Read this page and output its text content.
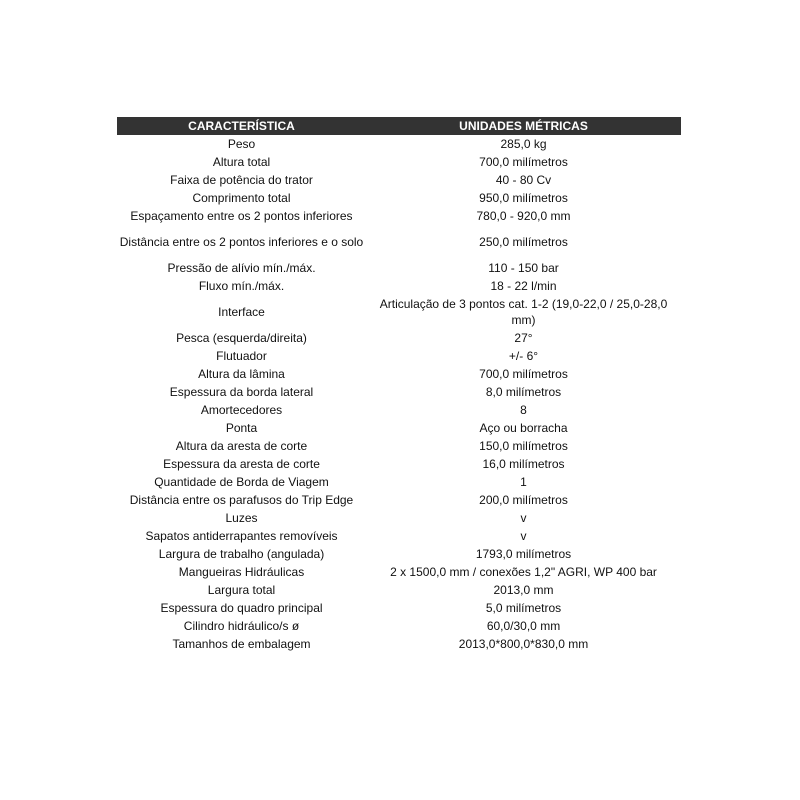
CARACTERÍSTICA	UNIDADES MÉTRICAS
Peso	285,0 kg
Altura total	700,0 milímetros
Faixa de potência do trator	40 - 80 Cv
Comprimento total	950,0 milímetros
Espaçamento entre os 2 pontos inferiores	780,0 - 920,0 mm
Distância entre os 2 pontos inferiores e o solo	250,0 milímetros
Pressão de alívio mín./máx.	110 - 150 bar
Fluxo mín./máx.	18 - 22 l/min
Interface	Articulação de 3 pontos cat. 1-2 (19,0-22,0 / 25,0-28,0 mm)
Pesca (esquerda/direita)	27°
Flutuador	+/- 6°
Altura da lâmina	700,0 milímetros
Espessura da borda lateral	8,0 milímetros
Amortecedores	8
Ponta	Aço ou borracha
Altura da aresta de corte	150,0 milímetros
Espessura da aresta de corte	16,0 milímetros
Quantidade de Borda de Viagem	1
Distância entre os parafusos do Trip Edge	200,0 milímetros
Luzes	v
Sapatos antiderrapantes removíveis	v
Largura de trabalho (angulada)	1793,0 milímetros
Mangueiras Hidráulicas	2 x 1500,0 mm / conexões 1,2" AGRI, WP 400 bar
Largura total	2013,0 mm
Espessura do quadro principal	5,0 milímetros
Cilindro hidráulico/s ø	60,0/30,0 mm
Tamanhos de embalagem	2013,0*800,0*830,0 mm
